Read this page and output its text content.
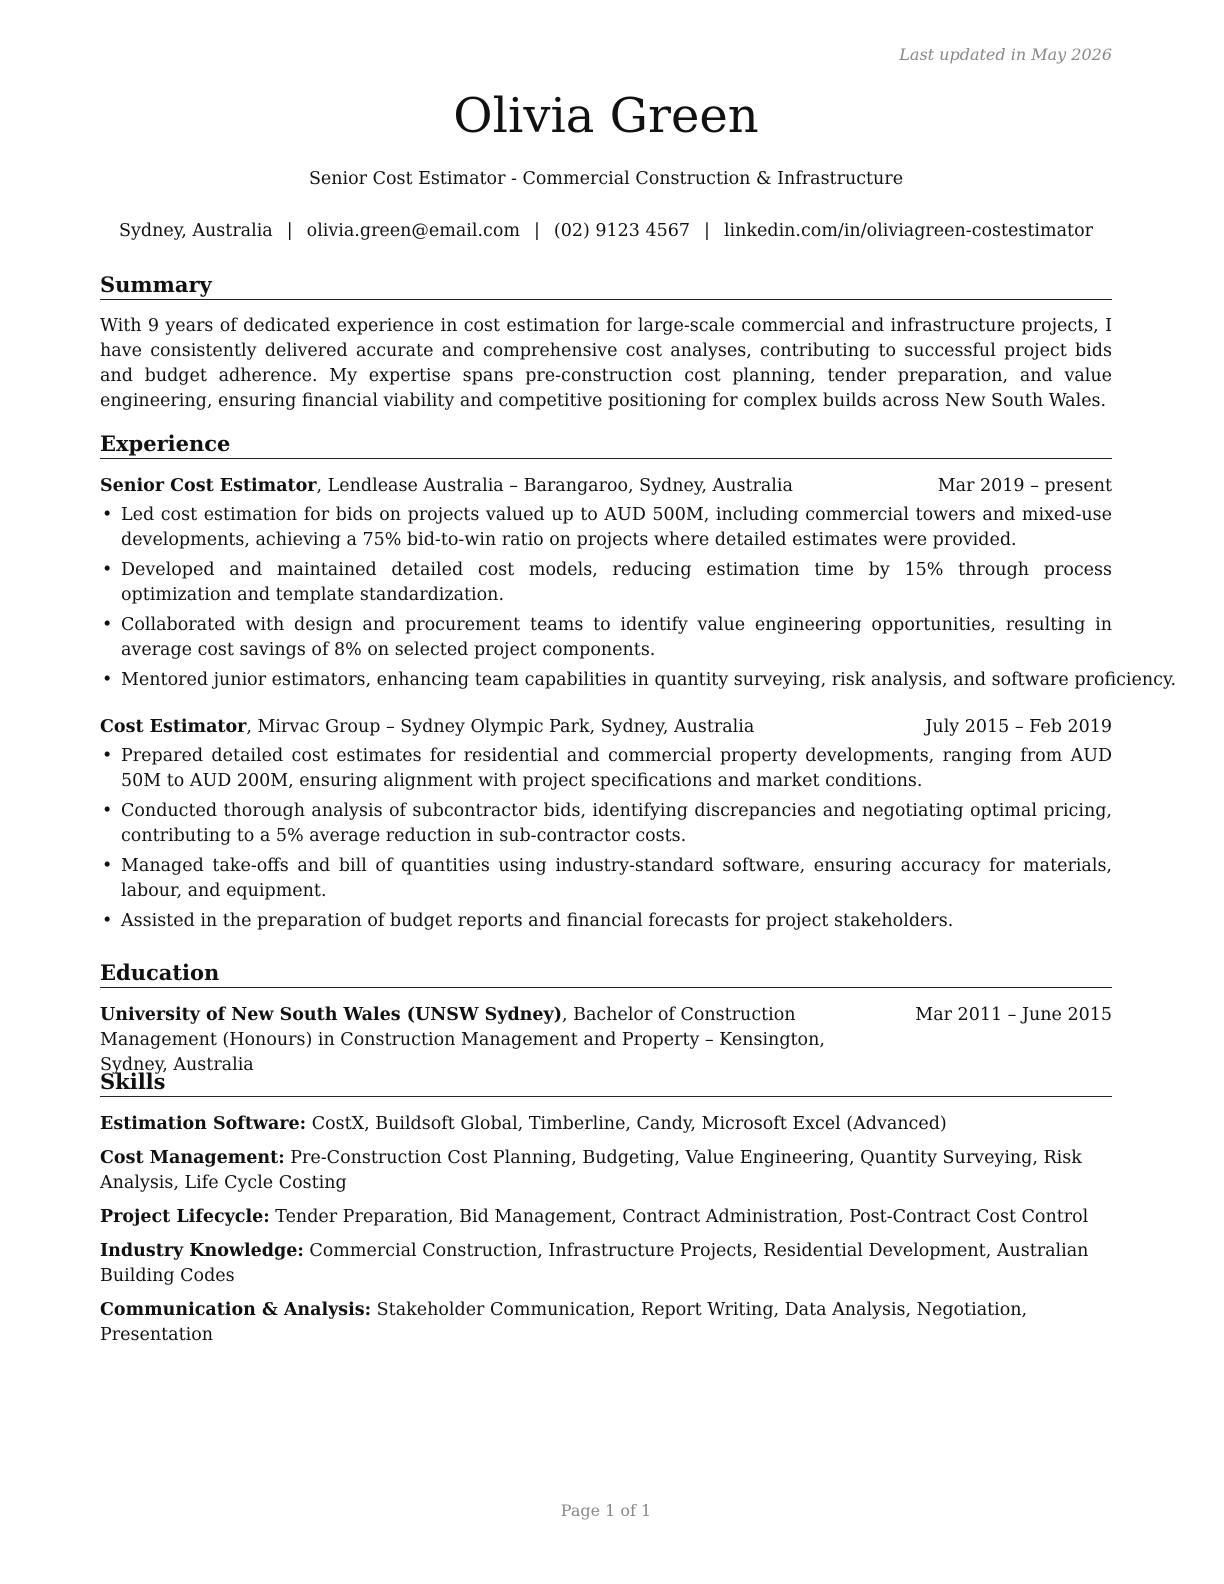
Last updated in May 2026
Olivia Green
Senior Cost Estimator - Commercial Construction & Infrastructure
Sydney, Australia | olivia.green@email.com | (02) 9123 4567 | linkedin.com/in/oliviagreen-costestimator
Summary

With 9 years of dedicated experience in cost estimation for large-scale commercial and infrastructure projects, I have consistently delivered accurate and comprehensive cost analyses, contributing to successful project bids and budget adherence. My expertise spans pre-construction cost planning, tender preparation, and value engineering, ensuring financial viability and competitive positioning for complex builds across New South Wales.

Experience
Senior Cost Estimator, Lendlease Australia – Barangaroo, Sydney, Australia	Mar 2019 – present
• Led cost estimation for bids on projects valued up to AUD 500M, including commercial towers and mixed-use developments, achieving a 75% bid-to-win ratio on projects where detailed estimates were provided.
• Developed and maintained detailed cost models, reducing estimation time by 15% through process optimization and template standardization.
• Collaborated with design and procurement teams to identify value engineering opportunities, resulting in average cost savings of 8% on selected project components.
• Mentored junior estimators, enhancing team capabilities in quantity surveying, risk analysis, and software proficiency.
Cost Estimator, Mirvac Group – Sydney Olympic Park, Sydney, Australia	July 2015 – Feb 2019
• Prepared detailed cost estimates for residential and commercial property developments, ranging from AUD 50M to AUD 200M, ensuring alignment with project specifications and market conditions.
• Conducted thorough analysis of subcontractor bids, identifying discrepancies and negotiating optimal pricing, contributing to a 5% average reduction in sub-contractor costs.
• Managed take-offs and bill of quantities using industry-standard software, ensuring accuracy for materials, labour, and equipment.
• Assisted in the preparation of budget reports and financial forecasts for project stakeholders.
Education
University of New South Wales (UNSW Sydney), Bachelor of Construction Management (Honours) in Construction Management and Property – Kensington, Sydney, Australia
Mar 2011 – June 2015
Skills
Estimation Software: CostX, Buildsoft Global, Timberline, Candy, Microsoft Excel (Advanced)
Cost Management: Pre-Construction Cost Planning, Budgeting, Value Engineering, Quantity Surveying, Risk Analysis, Life Cycle Costing
Project Lifecycle: Tender Preparation, Bid Management, Contract Administration, Post-Contract Cost Control
Industry Knowledge: Commercial Construction, Infrastructure Projects, Residential Development, Australian Building Codes
Communication & Analysis: Stakeholder Communication, Report Writing, Data Analysis, Negotiation, Presentation
Page 1 of 1
